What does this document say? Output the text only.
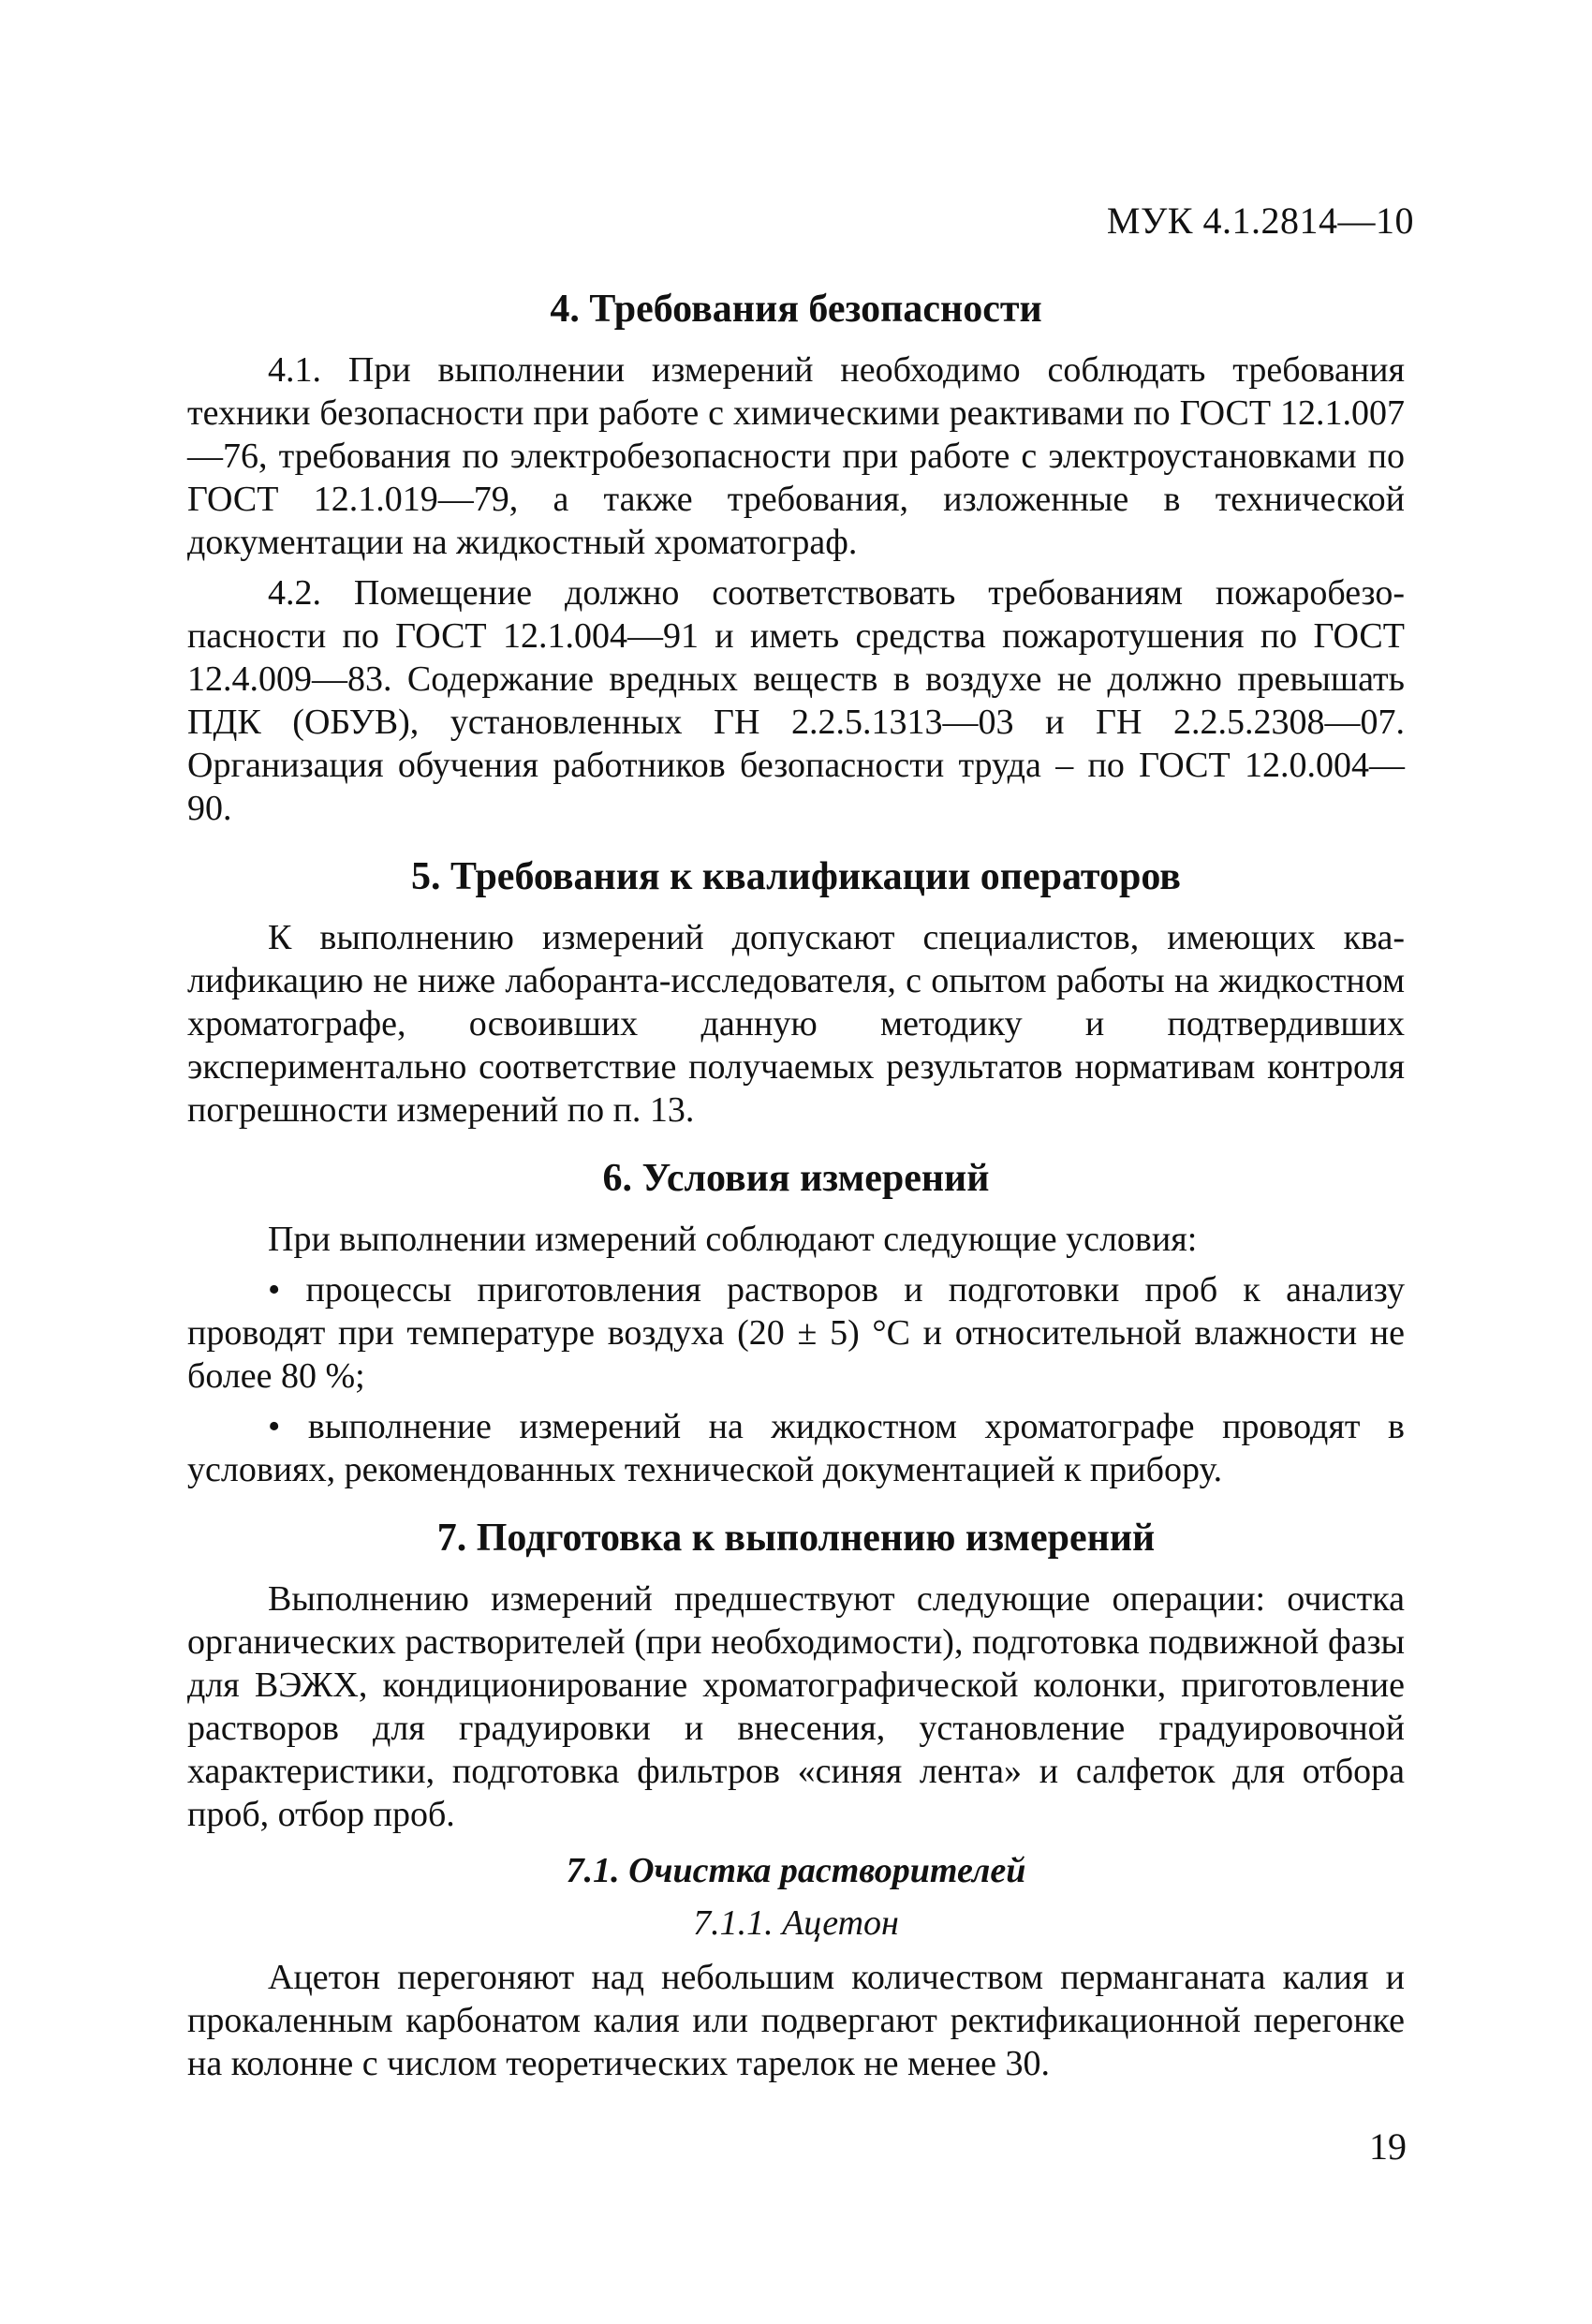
МУК 4.1.2814—10
4. Требования безопасности

4.1. При выполнении измерений необходимо соблюдать требования техники безопасности при работе с химическими реактивами по ГОСТ 12.1.007—76, требования по электробезопасности при работе с электроустановками по ГОСТ 12.1.019—79, а также требования, изложенные в технической документации на жидкостный хроматограф.

4.2. Помещение должно соответствовать требованиям пожаробезопасности по ГОСТ 12.1.004—91 и иметь средства пожаротушения по ГОСТ 12.4.009—83. Содержание вредных веществ в воздухе не должно превышать ПДК (ОБУВ), установленных ГН 2.2.5.1313—03 и ГН 2.2.5.2308—07. Организация обучения работников безопасности труда – по ГОСТ 12.0.004—90.

5. Требования к квалификации операторов

К выполнению измерений допускают специалистов, имеющих квалификацию не ниже лаборанта-исследователя, с опытом работы на жидкостном хроматографе, освоивших данную методику и подтвердивших экспериментально соответствие получаемых результатов нормативам контроля погрешности измерений по п. 13.

6. Условия измерений

При выполнении измерений соблюдают следующие условия:

• процессы приготовления растворов и подготовки проб к анализу проводят при температуре воздуха (20 ± 5) °С и относительной влажности не более 80 %;

• выполнение измерений на жидкостном хроматографе проводят в условиях, рекомендованных технической документацией к прибору.

7. Подготовка к выполнению измерений

Выполнению измерений предшествуют следующие операции: очистка органических растворителей (при необходимости), подготовка подвижной фазы для ВЭЖХ, кондиционирование хроматографической колонки, приготовление растворов для градуировки и внесения, установление градуировочной характеристики, подготовка фильтров «синяя лента» и салфеток для отбора проб, отбор проб.

7.1. Очистка растворителей
7.1.1. Ацетон

Ацетон перегоняют над небольшим количеством перманганата калия и прокаленным карбонатом калия или подвергают ректификационной перегонке на колонне с числом теоретических тарелок не менее 30.

19
